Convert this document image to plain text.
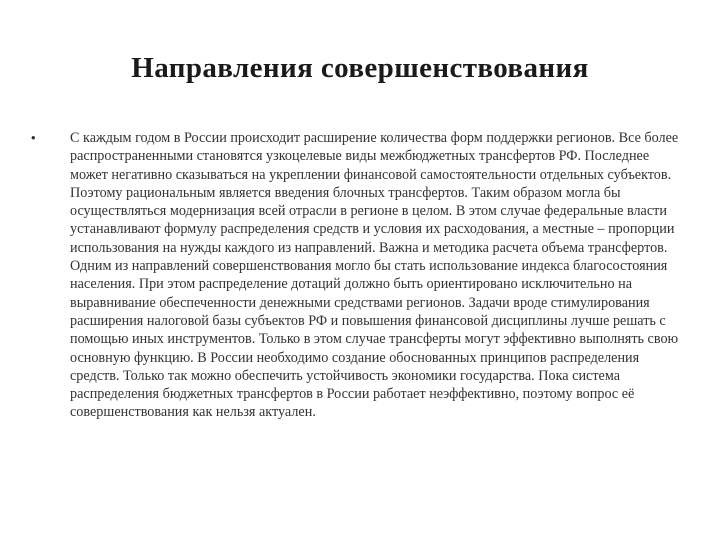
Направления совершенствования
• С каждым годом в России происходит расширение количества форм поддержки регионов. Все более распространенными становятся узкоцелевые виды межбюджетных трансфертов РФ. Последнее может негативно сказываться на укреплении финансовой самостоятельности отдельных субъектов. Поэтому рациональным является введения блочных трансфертов. Таким образом могла бы осуществляться модернизация всей отрасли в регионе в целом. В этом случае федеральные власти устанавливают формулу распределения средств и условия их расходования, а местные – пропорции использования на нужды каждого из направлений. Важна и методика расчета объема трансфертов. Одним из направлений совершенствования могло бы стать использование индекса благосостояния населения. При этом распределение дотаций должно быть ориентировано исключительно на выравнивание обеспеченности денежными средствами регионов. Задачи вроде стимулирования расширения налоговой базы субъектов РФ и повышения финансовой дисциплины лучше решать с помощью иных инструментов. Только в этом случае трансферты могут эффективно выполнять свою основную функцию. В России необходимо создание обоснованных принципов распределения средств. Только так можно обеспечить устойчивость экономики государства. Пока система распределения бюджетных трансфертов в России работает неэффективно, поэтому вопрос её совершенствования как нельзя актуален.
